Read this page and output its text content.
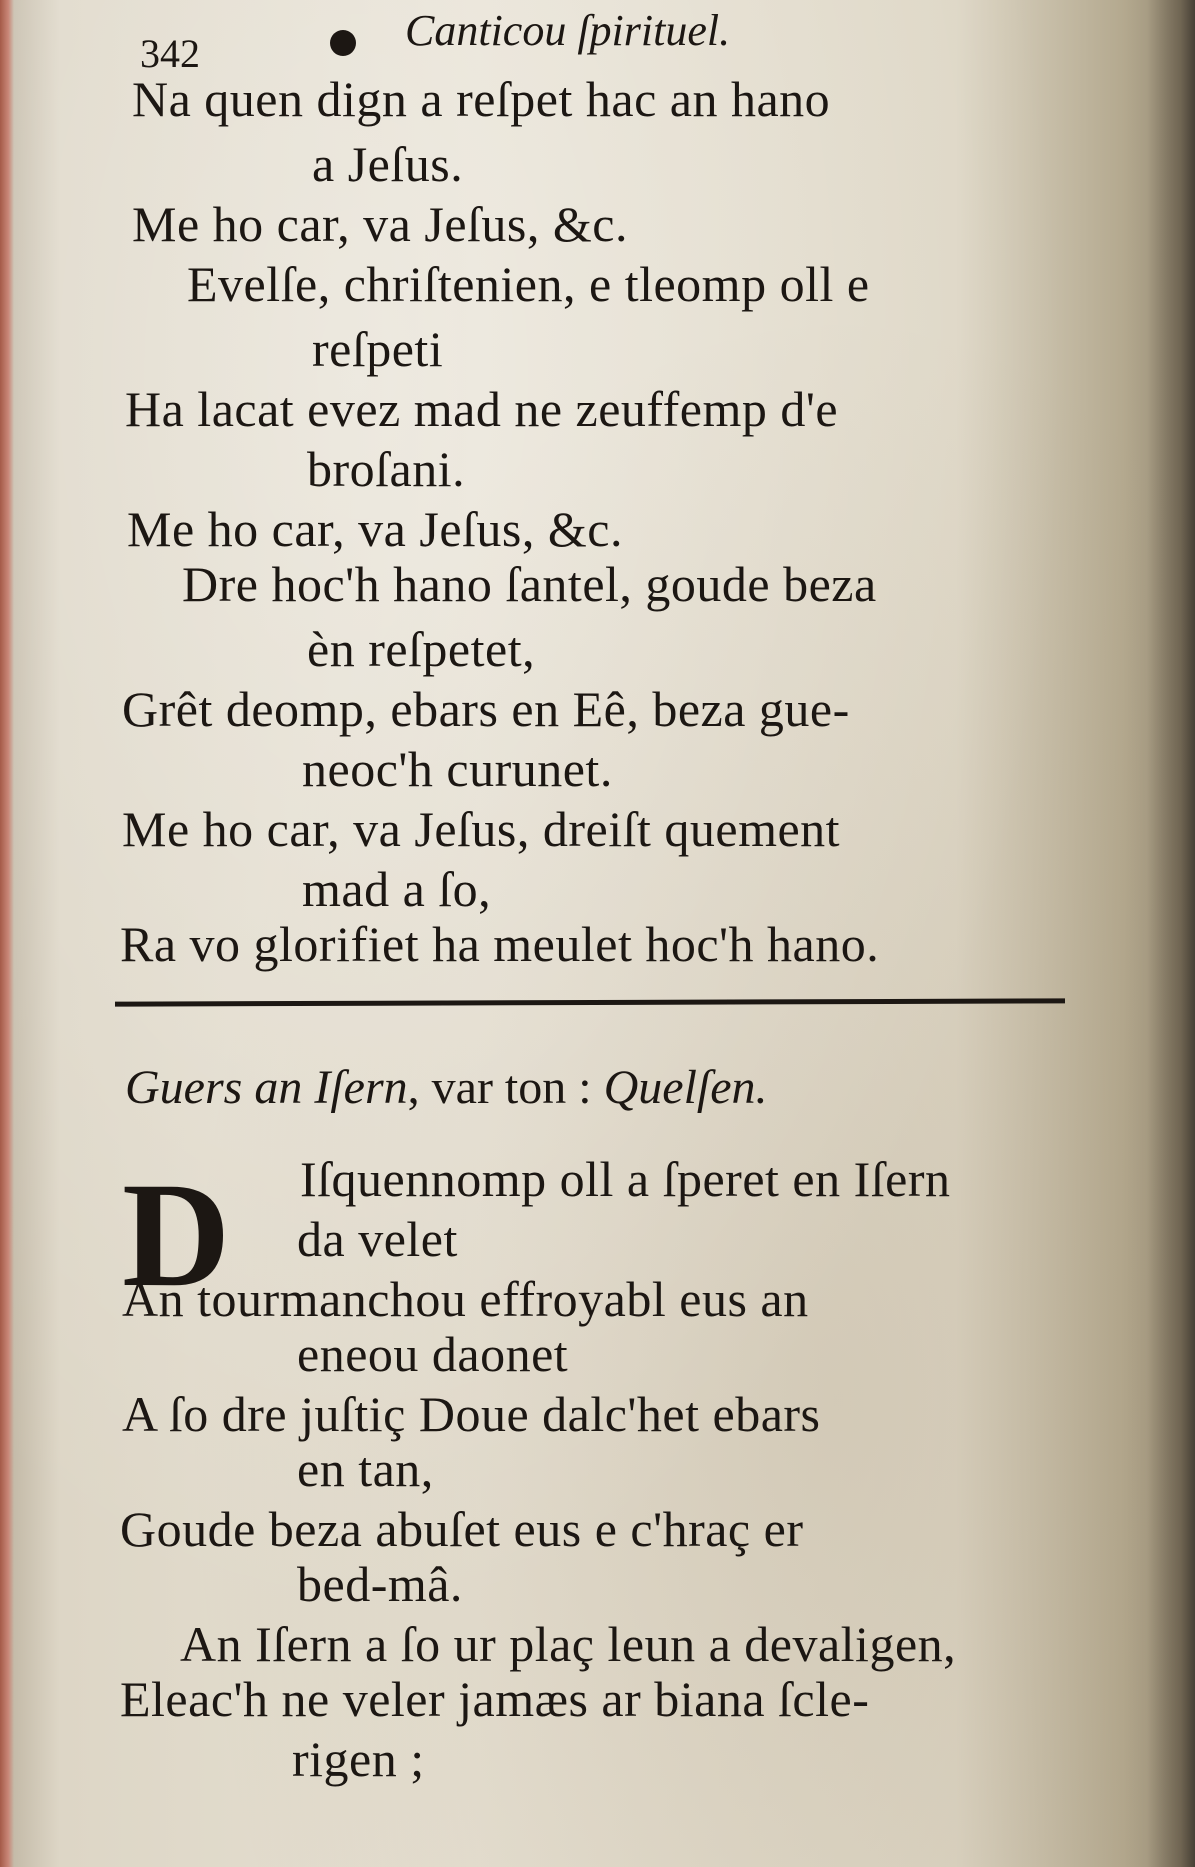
342	Canticou ſpirituel.
Na quen dign a reſpet hac an hano
a Jeſus.
Me ho car, va Jeſus, &c.
Evelſe, chriſtenien, e tleomp oll e
reſpeti
Ha lacat evez mad ne zeuffemp d'e
broſani.
Me ho car, va Jeſus, &c.
Dre hoc'h hano ſantel, goude beza
èn reſpetet,
Grêt deomp, ebars en Eê, beza gue-
neoc'h curunet.
Me ho car, va Jeſus, dreiſt quement
mad a ſo,
Ra vo glorifiet ha meulet hoc'h hano.
Guers an Iſern, var ton : Quelſen.
D Iſquennomp oll a ſperet en Iſern
da velet
An tourmanchou effroyabl eus an
eneou daonet
A ſo dre juſtiç Doue dalc'het ebars
en tan,
Goude beza abuſet eus e c'hraç er
bed-mâ.
An Iſern a ſo ur plaç leun a devaligen,
Eleac'h ne veler jamæs ar biana ſcle-
rigen ;
